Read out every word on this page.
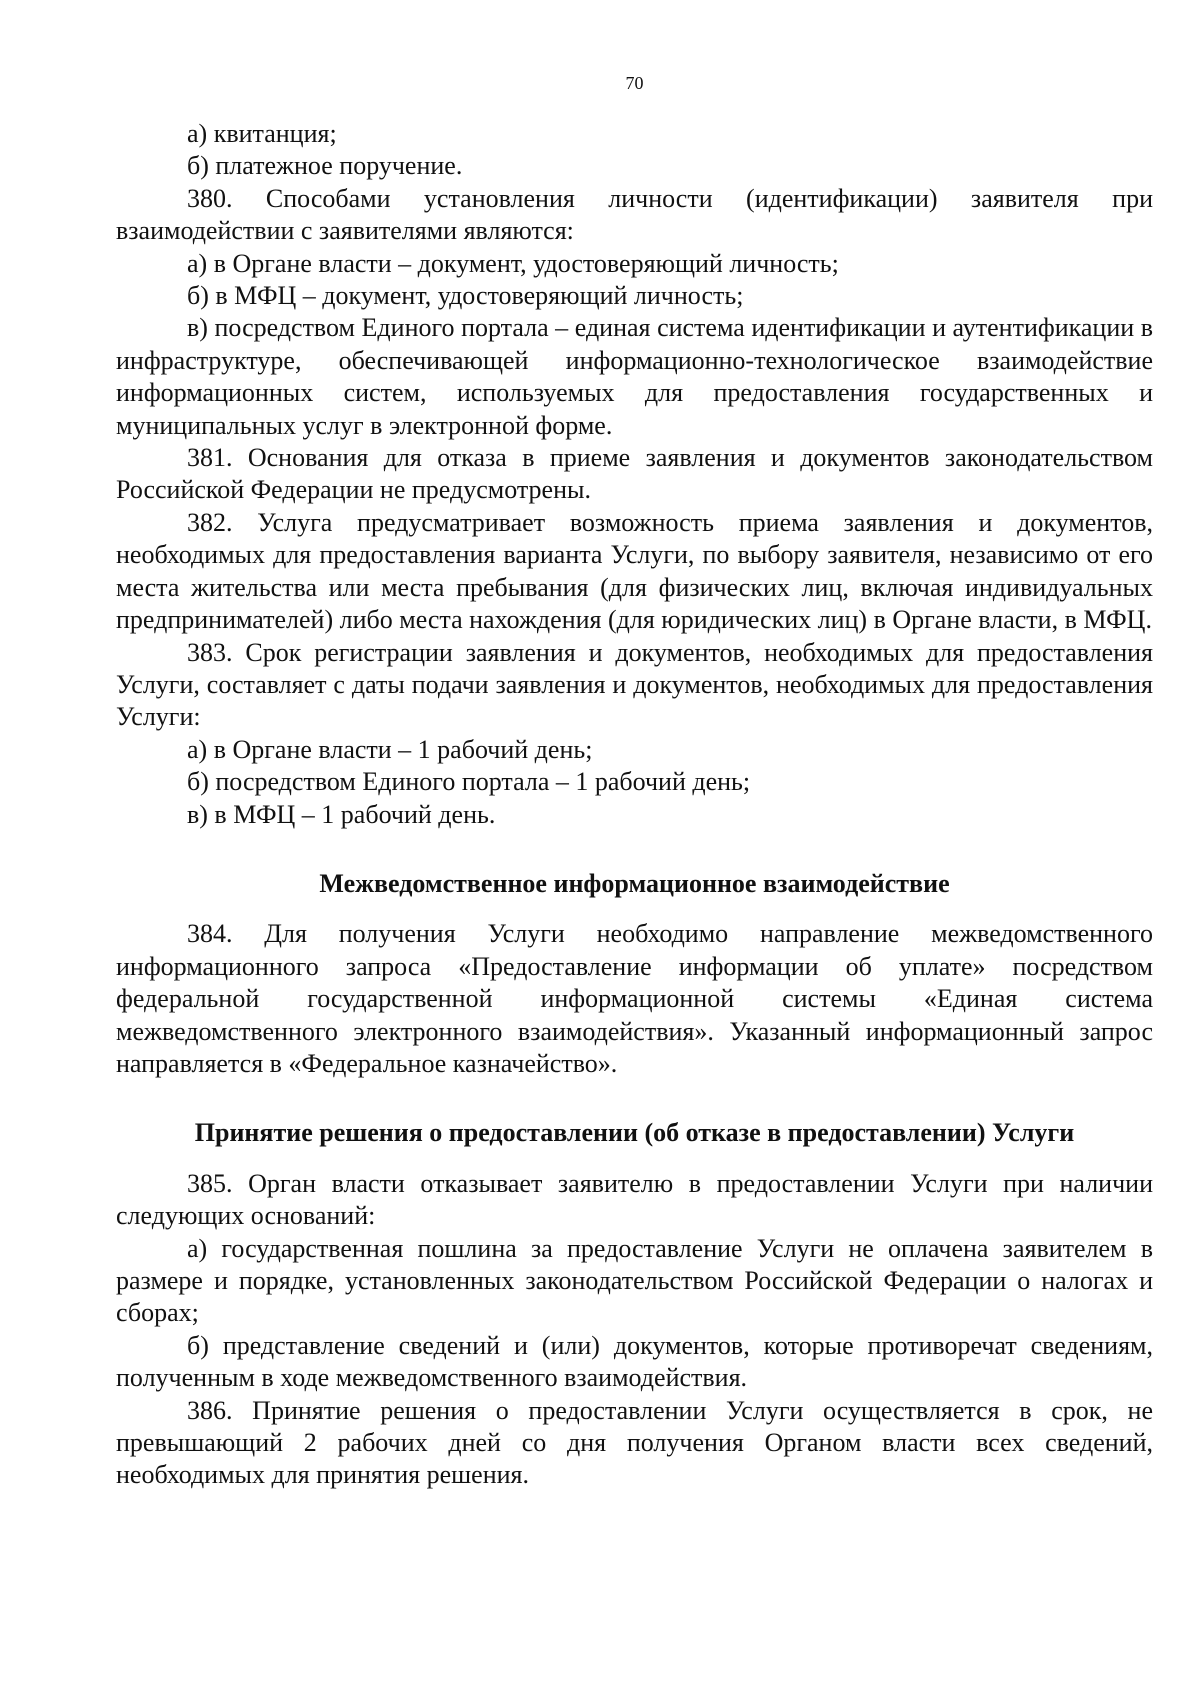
70

а) квитанция;

б) платежное поручение.

380. Способами установления личности (идентификации) заявителя при взаимодействии с заявителями являются:

а) в Органе власти – документ, удостоверяющий личность;

б) в МФЦ – документ, удостоверяющий личность;

в) посредством Единого портала – единая система идентификации и аутентификации в инфраструктуре, обеспечивающей информационно-технологическое взаимодействие информационных систем, используемых для предоставления государственных и муниципальных услуг в электронной форме.

381. Основания для отказа в приеме заявления и документов законодательством Российской Федерации не предусмотрены.

382. Услуга предусматривает возможность приема заявления и документов, необходимых для предоставления варианта Услуги, по выбору заявителя, независимо от его места жительства или места пребывания (для физических лиц, включая индивидуальных предпринимателей) либо места нахождения (для юридических лиц) в Органе власти, в МФЦ.

383. Срок регистрации заявления и документов, необходимых для предоставления Услуги, составляет с даты подачи заявления и документов, необходимых для предоставления Услуги:

а) в Органе власти – 1 рабочий день;

б) посредством Единого портала – 1 рабочий день;

в) в МФЦ – 1 рабочий день.

Межведомственное информационное взаимодействие

384. Для получения Услуги необходимо направление межведомственного информационного запроса «Предоставление информации об уплате» посредством федеральной государственной информационной системы «Единая система межведомственного электронного взаимодействия». Указанный информационный запрос направляется в «Федеральное казначейство».

Принятие решения о предоставлении (об отказе в предоставлении) Услуги

385. Орган власти отказывает заявителю в предоставлении Услуги при наличии следующих оснований:

а) государственная пошлина за предоставление Услуги не оплачена заявителем в размере и порядке, установленных законодательством Российской Федерации о налогах и сборах;

б) представление сведений и (или) документов, которые противоречат сведениям, полученным в ходе межведомственного взаимодействия.

386. Принятие решения о предоставлении Услуги осуществляется в срок, не превышающий 2 рабочих дней со дня получения Органом власти всех сведений, необходимых для принятия решения.
